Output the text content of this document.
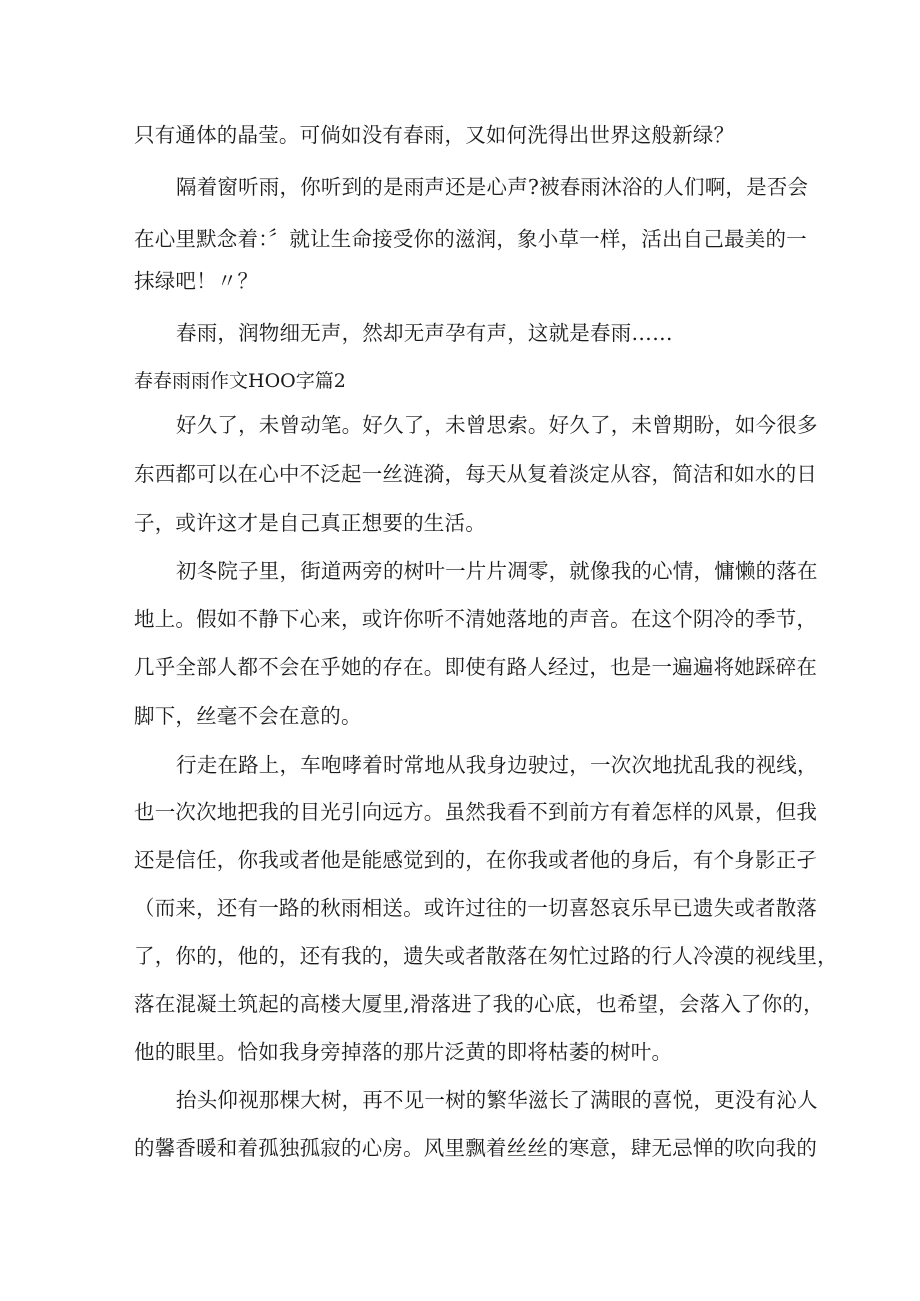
只有通体的晶莹。可倘如没有春雨，又如何洗得出世界这般新绿？
隔着窗听雨，你听到的是雨声还是心声?被春雨沐浴的人们啊，是否会
在心里默念着：〞就让生命接受你的滋润，象小草一样，活出自己最美的一
抹绿吧！〃？
春雨，润物细无声，然却无声孕有声，这就是春雨……
春春雨雨作文HOO字篇2
好久了，未曾动笔。好久了，未曾思索。好久了，未曾期盼，如今很多
东西都可以在心中不泛起一丝涟漪，每天从复着淡定从容，简洁和如水的日
子，或许这才是自己真正想要的生活。
初冬院子里，街道两旁的树叶一片片凋零，就像我的心情，慵懒的落在
地上。假如不静下心来，或许你听不清她落地的声音。在这个阴冷的季节，
几乎全部人都不会在乎她的存在。即使有路人经过，也是一遍遍将她踩碎在
脚下，丝毫不会在意的。
行走在路上，车咆哮着时常地从我身边驶过，一次次地扰乱我的视线，
也一次次地把我的目光引向远方。虽然我看不到前方有着怎样的风景，但我
还是信任，你我或者他是能感觉到的，在你我或者他的身后，有个身影正孑
（而来，还有一路的秋雨相送。或许过往的一切喜怒哀乐早已遗失或者散落
了，你的，他的，还有我的，遗失或者散落在匆忙过路的行人冷漠的视线里，
落在混凝土筑起的高楼大厦里,滑落进了我的心底，也希望，会落入了你的，
他的眼里。恰如我身旁掉落的那片泛黄的即将枯萎的树叶。
抬头仰视那棵大树，再不见一树的繁华滋长了满眼的喜悦，更没有沁人
的馨香暖和着孤独孤寂的心房。风里飘着丝丝的寒意，肆无忌惮的吹向我的
